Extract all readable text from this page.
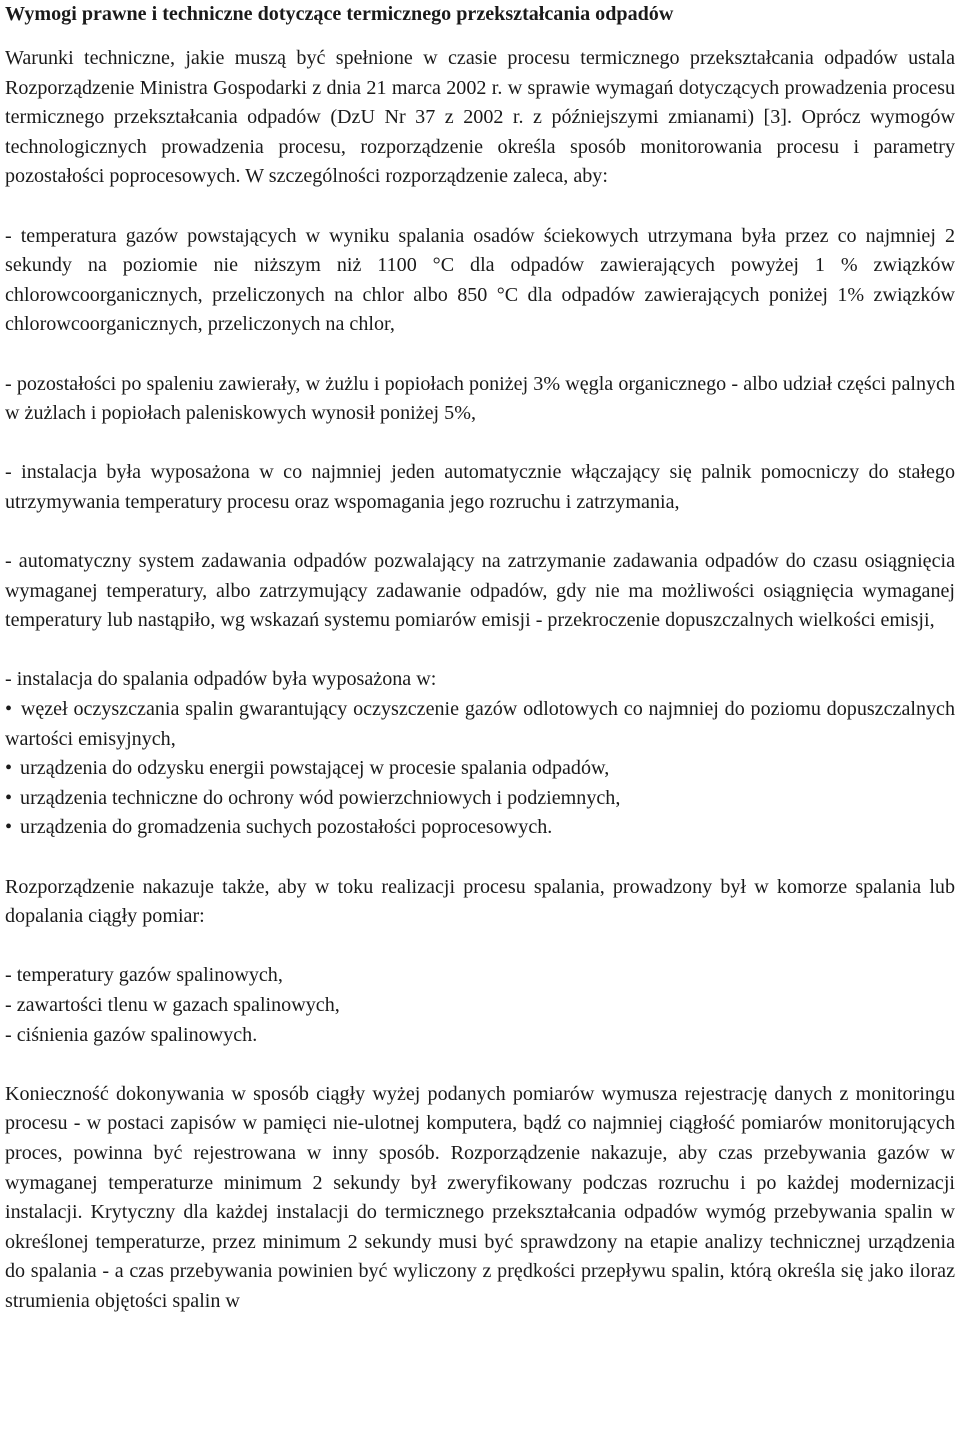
Wymogi prawne i techniczne dotyczące termicznego przekształcania odpadów

Warunki techniczne, jakie muszą być spełnione w czasie procesu termicznego przekształcania odpadów ustala Rozporządzenie Ministra Gospodarki z dnia 21 marca 2002 r. w sprawie wymagań dotyczących prowadzenia procesu termicznego przekształcania odpadów (DzU Nr 37 z 2002 r. z późniejszymi zmianami) [3]. Oprócz wymogów technologicznych prowadzenia procesu, rozporządzenie określa sposób monitorowania procesu i parametry pozostałości poprocesowych. W szczególności rozporządzenie zaleca, aby:

- temperatura gazów powstających w wyniku spalania osadów ściekowych utrzymana była przez co najmniej 2 sekundy na poziomie nie niższym niż 1100 °C dla odpadów zawierających powyżej 1 % związków chlorowcoorganicznych, przeliczonych na chlor albo 850 °C dla odpadów zawierających poniżej 1% związków chlorowcoorganicznych, przeliczonych na chlor,

- pozostałości po spaleniu zawierały, w żużlu i popiołach poniżej 3% węgla organicznego - albo udział części palnych w żużlach i popiołach paleniskowych wynosił poniżej 5%,

- instalacja była wyposażona w co najmniej jeden automatycznie włączający się palnik pomocniczy do stałego utrzymywania temperatury procesu oraz wspomagania jego rozruchu i zatrzymania,

- automatyczny system zadawania odpadów pozwalający na zatrzymanie zadawania odpadów do czasu osiągnięcia wymaganej temperatury, albo zatrzymujący zadawanie odpadów, gdy nie ma możliwości osiągnięcia wymaganej temperatury lub nastąpiło, wg wskazań systemu pomiarów emisji - przekroczenie dopuszczalnych wielkości emisji,

- instalacja do spalania odpadów była wyposażona w:

• węzeł oczyszczania spalin gwarantujący oczyszczenie gazów odlotowych co najmniej do poziomu dopuszczalnych wartości emisyjnych,
• urządzenia do odzysku energii powstającej w procesie spalania odpadów,
• urządzenia techniczne do ochrony wód powierzchniowych i podziemnych,
• urządzenia do gromadzenia suchych pozostałości poprocesowych.

Rozporządzenie nakazuje także, aby w toku realizacji procesu spalania, prowadzony był w komorze spalania lub dopalania ciągły pomiar:

- temperatury gazów spalinowych,
- zawartości tlenu w gazach spalinowych,
- ciśnienia gazów spalinowych.

Konieczność dokonywania w sposób ciągły wyżej podanych pomiarów wymusza rejestrację danych z monitoringu procesu - w postaci zapisów w pamięci nie-ulotnej komputera, bądź co najmniej ciągłość pomiarów monitorujących proces, powinna być rejestrowana w inny sposób. Rozporządzenie nakazuje, aby czas przebywania gazów w wymaganej temperaturze minimum 2 sekundy był zweryfikowany podczas rozruchu i po każdej modernizacji instalacji. Krytyczny dla każdej instalacji do termicznego przekształcania odpadów wymóg przebywania spalin w określonej temperaturze, przez minimum 2 sekundy musi być sprawdzony na etapie analizy technicznej urządzenia do spalania - a czas przebywania powinien być wyliczony z prędkości przepływu spalin, którą określa się jako iloraz strumienia objętości spalin w
